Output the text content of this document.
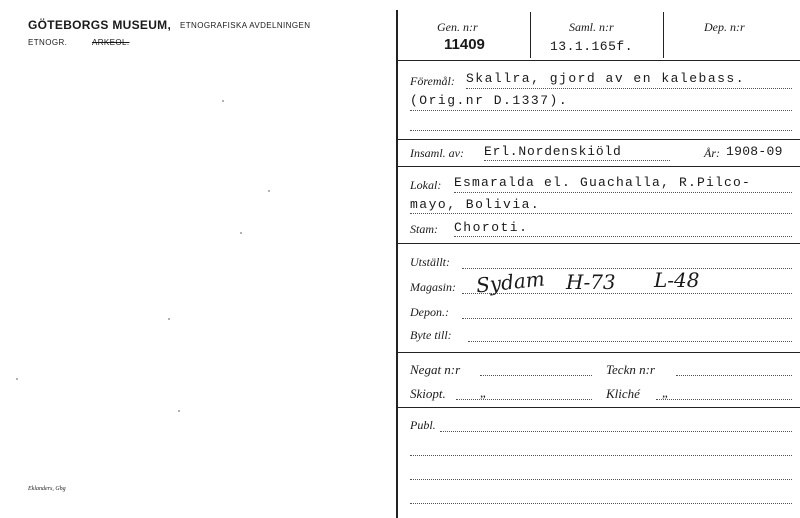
GÖTEBORGS MUSEUM, ETNOGRAFISKA AVDELNINGEN
ETNOGR.	ARKEOL.
Eklanders, Gbg
Gen. n:r
11409
Saml. n:r
13.1.165f.
Dep. n:r
Föremål: Skallra, gjord av en kalebass.
(Orig.nr D.1337).
Insaml. av: Erl.Nordenskiöld	År: 1908-09
Lokal: Esmaralda el. Guachalla, R.Pilco-
mayo, Bolivia.
Stam: Choroti.
Utställt:
Magasin: Sydam H-73 L-48
Depon.:
Byte till:
Negat n:r	Teckn n:r
Skiopt.	„	Kliché „
Publ.
